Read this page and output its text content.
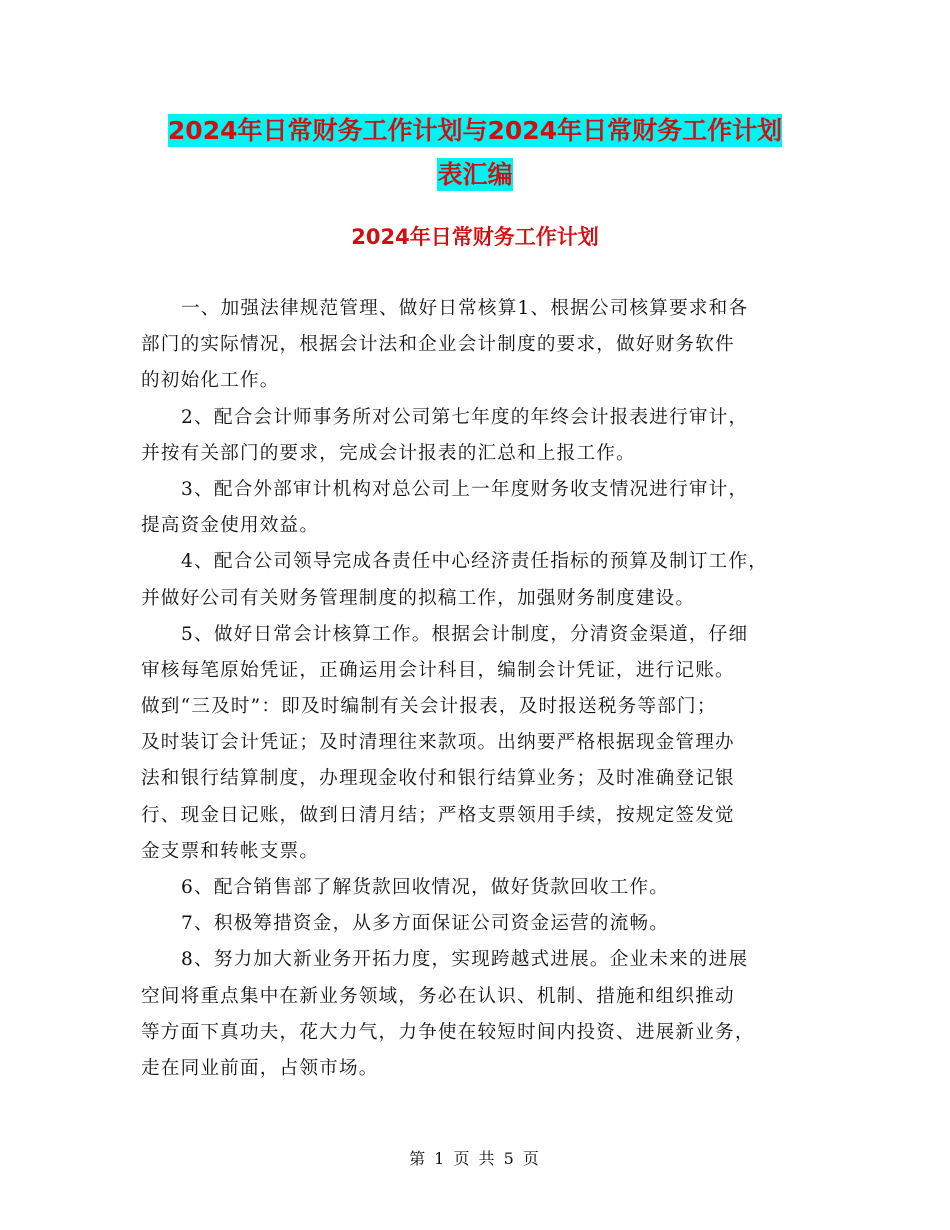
2024年日常财务工作计划与2024年日常财务工作计划
表汇编
2024年日常财务工作计划
一、加强法律规范管理、做好日常核算1、根据公司核算要求和各
部门的实际情况，根据会计法和企业会计制度的要求，做好财务软件
的初始化工作。
2、配合会计师事务所对公司第七年度的年终会计报表进行审计，
并按有关部门的要求，完成会计报表的汇总和上报工作。
3、配合外部审计机构对总公司上一年度财务收支情况进行审计，
提高资金使用效益。
4、配合公司领导完成各责任中心经济责任指标的预算及制订工作，
并做好公司有关财务管理制度的拟稿工作，加强财务制度建设。
5、做好日常会计核算工作。根据会计制度，分清资金渠道，仔细
审核每笔原始凭证，正确运用会计科目，编制会计凭证，进行记账。
做到“三及时”：即及时编制有关会计报表，及时报送税务等部门；
及时装订会计凭证；及时清理往来款项。出纳要严格根据现金管理办
法和银行结算制度，办理现金收付和银行结算业务；及时准确登记银
行、现金日记账，做到日清月结；严格支票领用手续，按规定签发觉
金支票和转帐支票。
6、配合销售部了解货款回收情况，做好货款回收工作。
7、积极筹措资金，从多方面保证公司资金运营的流畅。
8、努力加大新业务开拓力度，实现跨越式进展。企业未来的进展
空间将重点集中在新业务领域，务必在认识、机制、措施和组织推动
等方面下真功夫，花大力气，力争使在较短时间内投资、进展新业务，
走在同业前面，占领市场。
第 1 页 共 5 页
